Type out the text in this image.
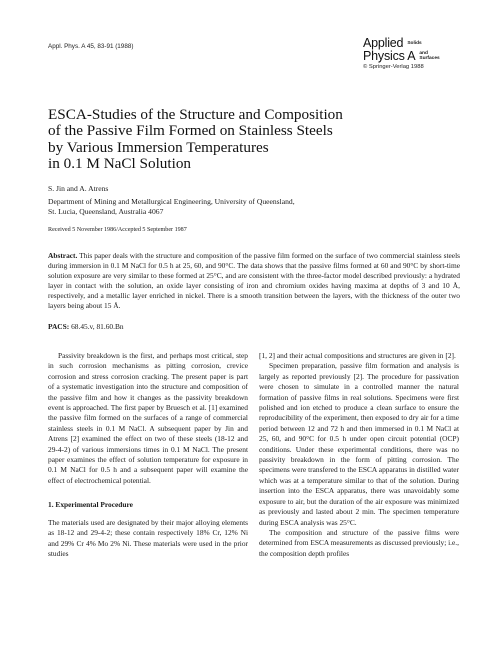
Appl. Phys. A 45, 83-91 (1988)	Applied Solids
Physics A and
Surfaces
© Springer-Verlag 1988
ESCA-Studies of the Structure and Composition
of the Passive Film Formed on Stainless Steels
by Various Immersion Temperatures
in 0.1 M NaCl Solution
S. Jin and A. Atrens
Department of Mining and Metallurgical Engineering, University of Queensland,
St. Lucia, Queensland, Australia 4067
Received 5 November 1986/Accepted 5 September 1987

Abstract. This paper deals with the structure and composition of the passive film formed on the surface of two commercial stainless steels during immersion in 0.1 M NaCl for 0.5 h at 25, 60, and 90°C. The data shows that the passive films formed at 60 and 90°C by short-time solution exposure are very similar to these formed at 25°C, and are consistent with the three-factor model described previously: a hydrated layer in contact with the solution, an oxide layer consisting of iron and chromium oxides having maxima at depths of 3 and 10 Å, respectively, and a metallic layer enriched in nickel. There is a smooth transition between the layers, with the thickness of the outer two layers being about 15 Å.

PACS: 68.45.v, 81.60.Bn

Passivity breakdown is the first, and perhaps most critical, step in such corrosion mechanisms as pitting corrosion, crevice corrosion and stress corrosion cracking. The present paper is part of a systematic investigation into the structure and composition of the passive film and how it changes as the passivity breakdown event is approached. The first paper by Bruesch et al. [1] examined the passive film formed on the surfaces of a range of commercial stainless steels in 0.1 M NaCl. A subsequent paper by Jin and Atrens [2] examined the effect on two of these steels (18-12 and 29-4-2) of various immersions times in 0.1 M NaCl. The present paper examines the effect of solution temperature for exposure in 0.1 M NaCl for 0.5 h and a subsequent paper will examine the effect of electrochemical potential.

1. Experimental Procedure

The materials used are designated by their major alloying elements as 18-12 and 29-4-2; these contain respectively 18% Cr, 12% Ni and 29% Cr 4% Mo 2% Ni. These materials were used in the prior studies

[1, 2] and their actual compositions and structures are given in [2].

Specimen preparation, passive film formation and analysis is largely as reported previously [2]. The procedure for passivation were chosen to simulate in a controlled manner the natural formation of passive films in real solutions. Specimens were first polished and ion etched to produce a clean surface to ensure the reproducibility of the experiment, then exposed to dry air for a time period between 12 and 72 h and then immersed in 0.1 M NaCl at 25, 60, and 90°C for 0.5 h under open circuit potential (OCP) conditions. Under these experimental conditions, there was no passivity breakdown in the form of pitting corrosion. The specimens were transfered to the ESCA apparatus in distilled water which was at a temperature similar to that of the solution. During insertion into the ESCA apparatus, there was unavoidably some exposure to air, but the duration of the air exposure was minimized as previously and lasted about 2 min. The specimen temperature during ESCA analysis was 25°C.

The composition and structure of the passive films were determined from ESCA measurements as discussed previously; i.e., the composition depth profiles
